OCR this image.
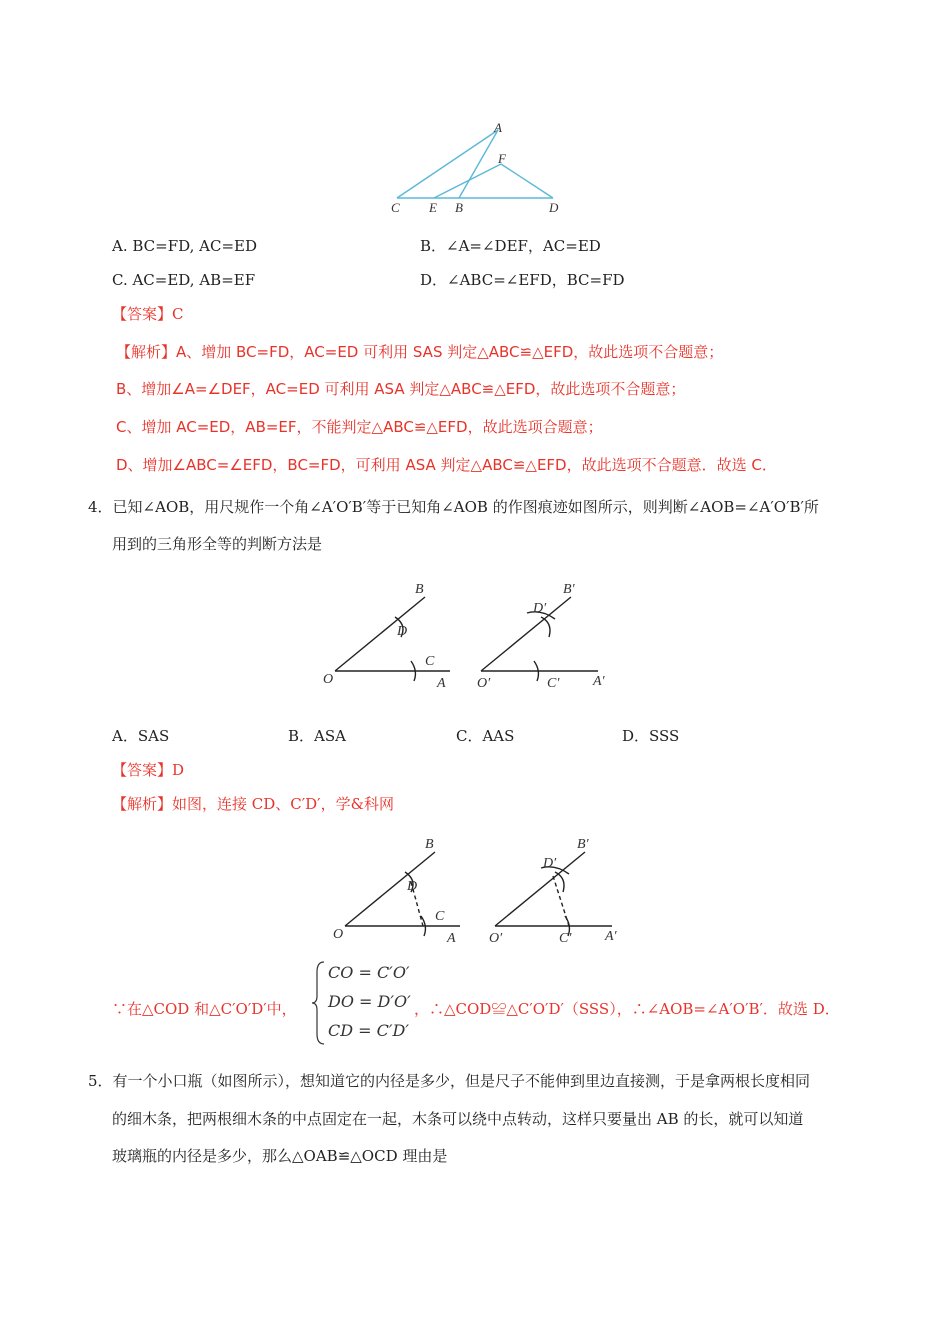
A
F
C E B	D
A. BC=FD, AC=ED	B．∠A=∠DEF，AC=ED
C. AC=ED, AB=EF	D．∠ABC=∠EFD，BC=FD
【答案】C
【解析】A、增加 BC=FD，AC=ED 可利用 SAS 判定△ABC≌△EFD，故此选项不合题意；
B、增加∠A=∠DEF，AC=ED 可利用 ASA 判定△ABC≌△EFD，故此选项不合题意；
C、增加 AC=ED，AB=EF，不能判定△ABC≌△EFD，故此选项合题意；
D、增加∠ABC=∠EFD，BC=FD，可利用 ASA 判定△ABC≌△EFD，故此选项不合题意．故选 C．
4．已知∠AOB，用尺规作一个角∠A′O′B′等于已知角∠AOB 的作图痕迹如图所示，则判断∠AOB=∠A′O′B′所
用到的三角形全等的判断方法是
B
D
O
C
A
B′
D′
O′	C′ A′
A．SAS	B．ASA	C．AAS	D．SSS
【答案】D
【解析】如图，连接 CD、C′D′，学&科网
B
D
O
C
A
B′
D′
O′	C′ A′
∵在△COD 和△C′O′D′中，
CO = C′O′
DO = D′O′
CD = C′D′
，∴△COD≌△C′O′D′（SSS），∴∠AOB=∠A′O′B′．故选 D．
5．有一个小口瓶（如图所示），想知道它的内径是多少，但是尺子不能伸到里边直接测，于是拿两根长度相同
的细木条，把两根细木条的中点固定在一起，木条可以绕中点转动，这样只要量出 AB 的长，就可以知道
玻璃瓶的内径是多少，那么△OAB≌△OCD 理由是
